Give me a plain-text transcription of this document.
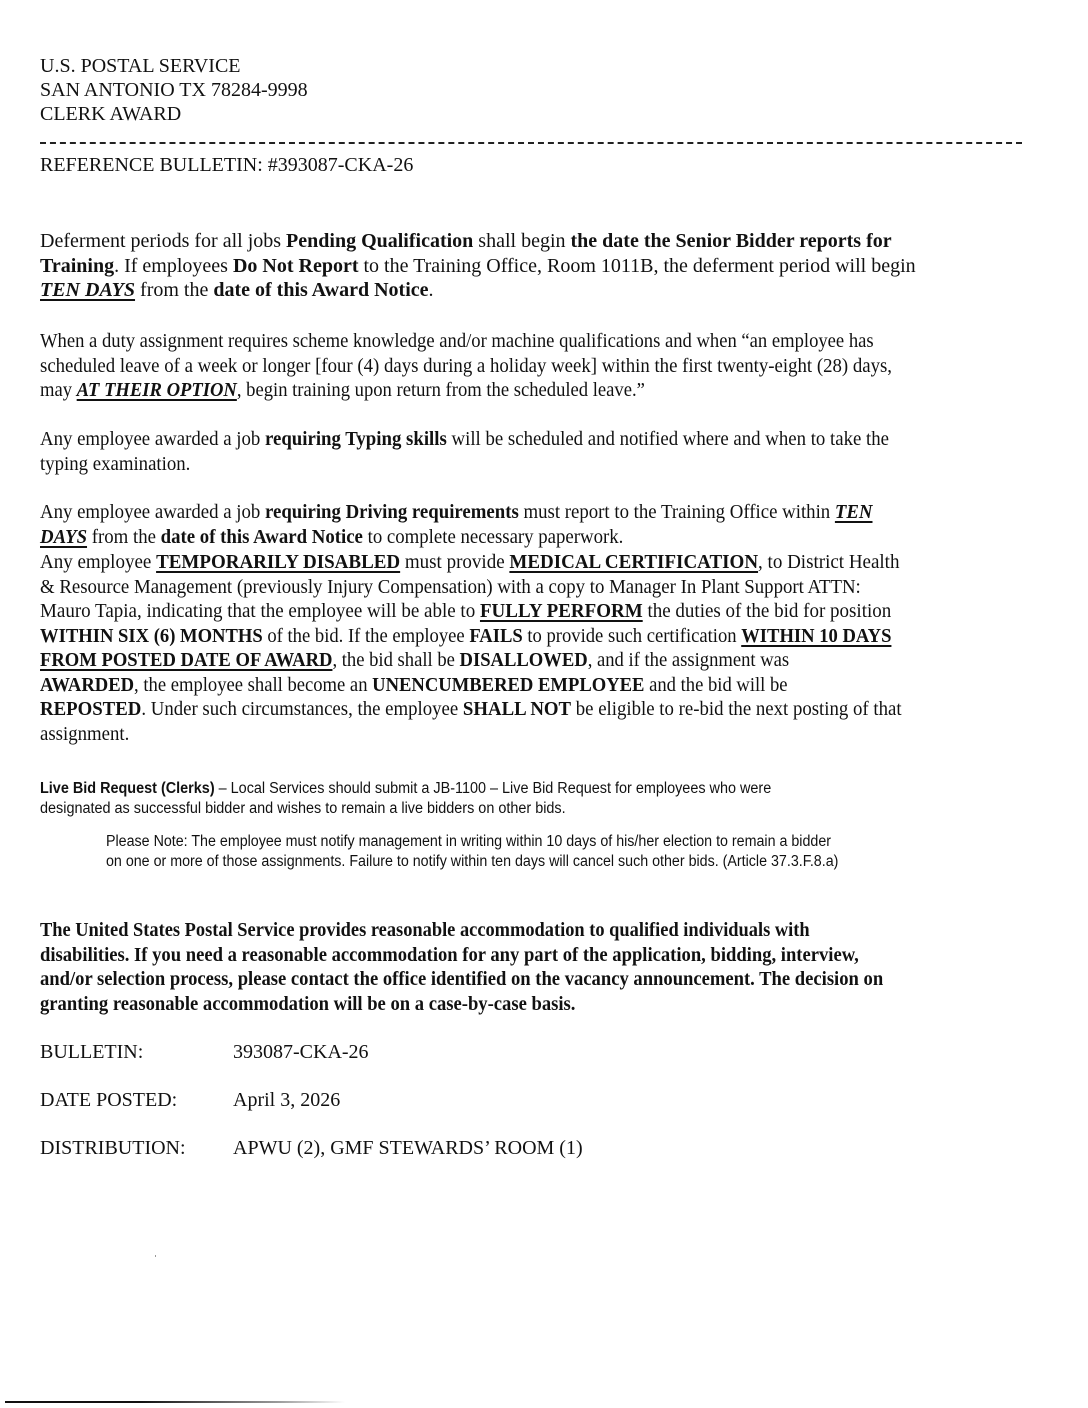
U.S. POSTAL SERVICE
SAN ANTONIO TX 78284-9998
CLERK AWARD
REFERENCE BULLETIN: #393087-CKA-26
Deferment periods for all jobs Pending Qualification shall begin the date the Senior Bidder reports for
Training. If employees Do Not Report to the Training Office, Room 1011B, the deferment period will begin
TEN DAYS from the date of this Award Notice.
When a duty assignment requires scheme knowledge and/or machine qualifications and when “an employee has
scheduled leave of a week or longer [four (4) days during a holiday week] within the first twenty-eight (28) days,
may AT THEIR OPTION, begin training upon return from the scheduled leave.”
Any employee awarded a job requiring Typing skills will be scheduled and notified where and when to take the
typing examination.
Any employee awarded a job requiring Driving requirements must report to the Training Office within TEN
DAYS from the date of this Award Notice to complete necessary paperwork.
Any employee TEMPORARILY DISABLED must provide MEDICAL CERTIFICATION, to District Health
& Resource Management (previously Injury Compensation) with a copy to Manager In Plant Support ATTN:
Mauro Tapia, indicating that the employee will be able to FULLY PERFORM the duties of the bid for position
WITHIN SIX (6) MONTHS of the bid. If the employee FAILS to provide such certification WITHIN 10 DAYS
FROM POSTED DATE OF AWARD, the bid shall be DISALLOWED, and if the assignment was
AWARDED, the employee shall become an UNENCUMBERED EMPLOYEE and the bid will be
REPOSTED. Under such circumstances, the employee SHALL NOT be eligible to re-bid the next posting of that
assignment.
Live Bid Request (Clerks) – Local Services should submit a JB-1100 – Live Bid Request for employees who were
designated as successful bidder and wishes to remain a live bidders on other bids.
Please Note: The employee must notify management in writing within 10 days of his/her election to remain a bidder
on one or more of those assignments. Failure to notify within ten days will cancel such other bids. (Article 37.3.F.8.a)
The United States Postal Service provides reasonable accommodation to qualified individuals with
disabilities. If you need a reasonable accommodation for any part of the application, bidding, interview,
and/or selection process, please contact the office identified on the vacancy announcement. The decision on
granting reasonable accommodation will be on a case-by-case basis.
BULLETIN:	393087-CKA-26
DATE POSTED:	April 3, 2026
DISTRIBUTION: APWU (2), GMF STEWARDS’ ROOM (1)
